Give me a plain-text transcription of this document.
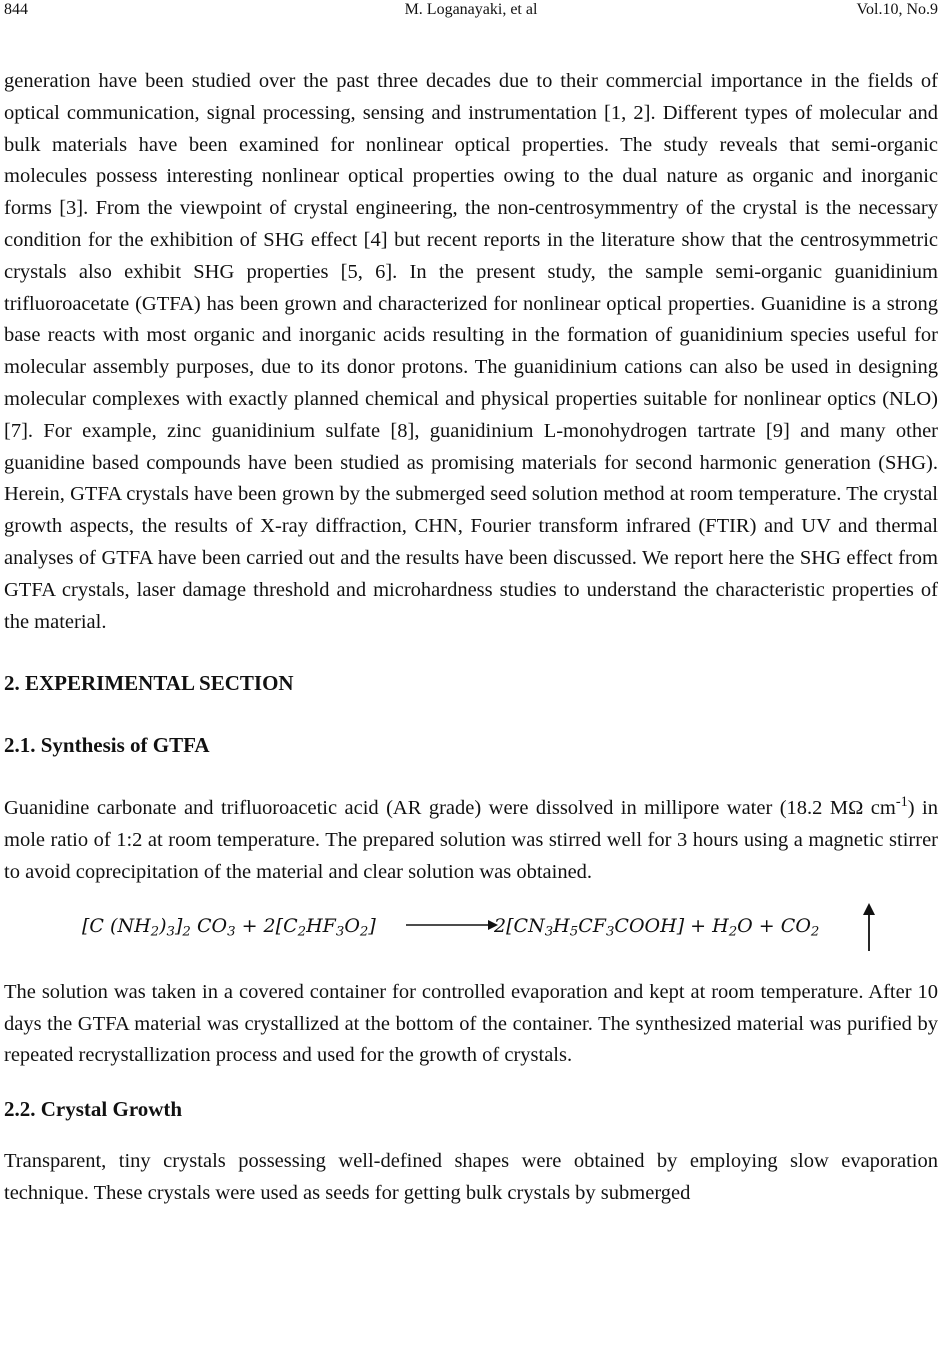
844	M. Loganayaki, et al	Vol.10, No.9

generation have been studied over the past three decades due to their commercial importance in the fields of optical communication, signal processing, sensing and instrumentation [1, 2]. Different types of molecular and bulk materials have been examined for nonlinear optical properties. The study reveals that semi-organic molecules possess interesting nonlinear optical properties owing to the dual nature as organic and inorganic forms [3]. From the viewpoint of crystal engineering, the non-centrosymmentry of the crystal is the necessary condition for the exhibition of SHG effect [4] but recent reports in the literature show that the centrosymmetric crystals also exhibit SHG properties [5, 6]. In the present study, the sample semi-organic guanidinium trifluoroacetate (GTFA) has been grown and characterized for nonlinear optical properties. Guanidine is a strong base reacts with most organic and inorganic acids resulting in the formation of guanidinium species useful for molecular assembly purposes, due to its donor protons. The guanidinium cations can also be used in designing molecular complexes with exactly planned chemical and physical properties suitable for nonlinear optics (NLO) [7]. For example, zinc guanidinium sulfate [8], guanidinium L-monohydrogen tartrate [9] and many other guanidine based compounds have been studied as promising materials for second harmonic generation (SHG). Herein, GTFA crystals have been grown by the submerged seed solution method at room temperature. The crystal growth aspects, the results of X-ray diffraction, CHN, Fourier transform infrared (FTIR) and UV and thermal analyses of GTFA have been carried out and the results have been discussed. We report here the SHG effect from GTFA crystals, laser damage threshold and microhardness studies to understand the characteristic properties of the material.

2. EXPERIMENTAL SECTION
2.1. Synthesis of GTFA

Guanidine carbonate and trifluoroacetic acid (AR grade) were dissolved in millipore water (18.2 MΩ $cm^{-1}$) in mole ratio of 1:2 at room temperature. The prepared solution was stirred well for 3 hours using a magnetic stirrer to avoid coprecipitation of the material and clear solution was obtained.

[C $(NH_2)_3]_2$ $CO_3 + 2[C_2HF_3O_2]$	$2[CN_3H_5CF_3COOH] + H_2O + CO_2$

The solution was taken in a covered container for controlled evaporation and kept at room temperature. After 10 days the GTFA material was crystallized at the bottom of the container. The synthesized material was purified by repeated recrystallization process and used for the growth of crystals.

2.2. Crystal Growth

Transparent, tiny crystals possessing well-defined shapes were obtained by employing slow evaporation technique. These crystals were used as seeds for getting bulk crystals by submerged
